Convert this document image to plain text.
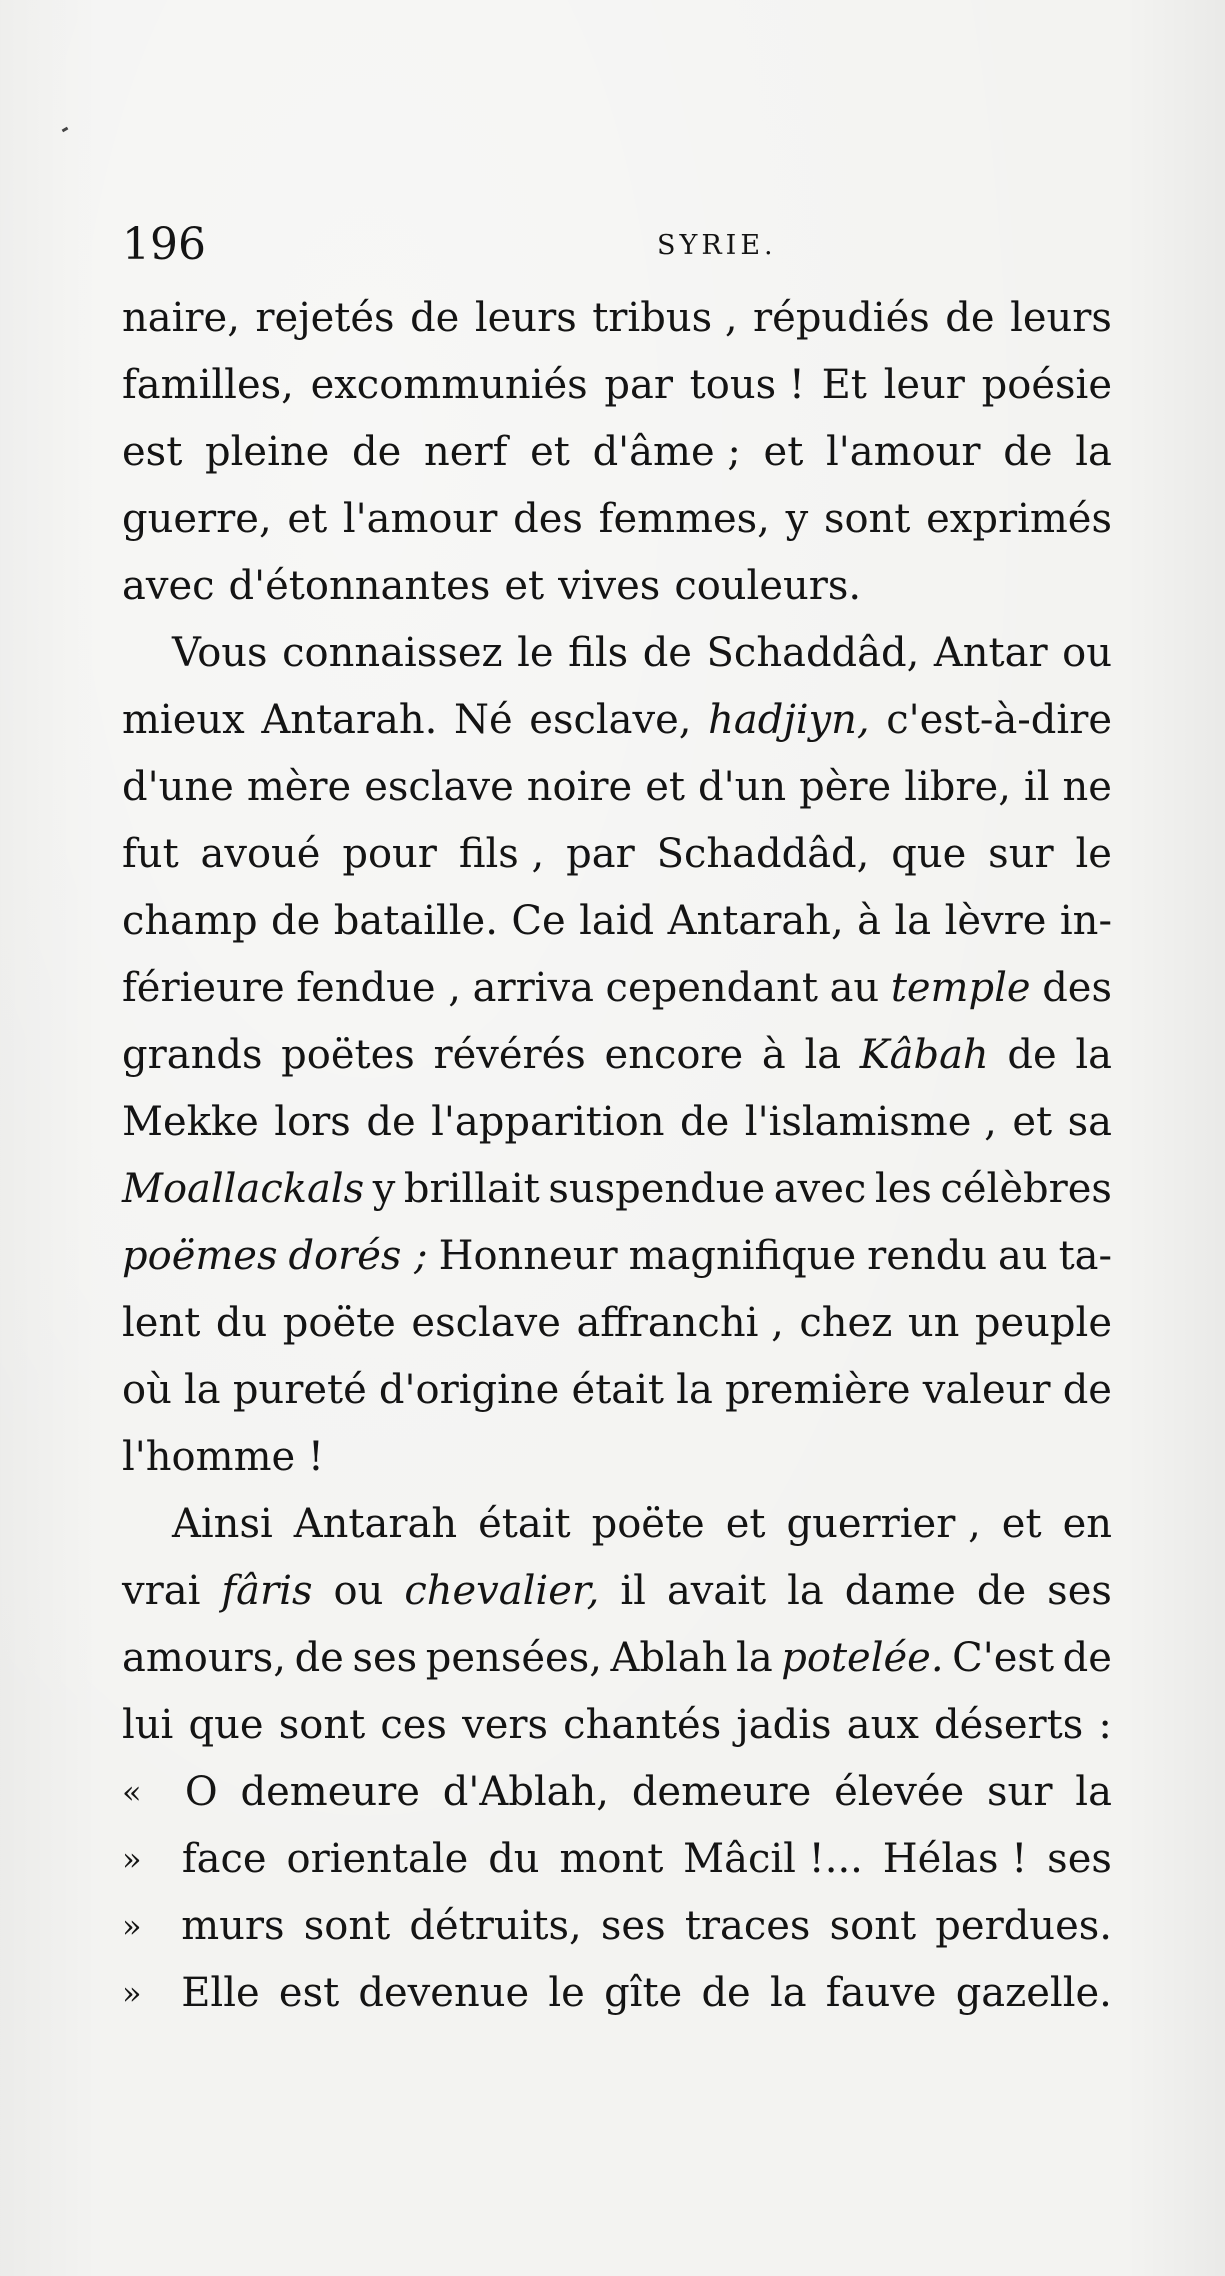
196	SYRIE.
naire, rejetés de leurs tribus , répudiés de leurs
familles, excommuniés par tous ! Et leur poésie
est pleine de nerf et d'âme ; et l'amour de la
guerre, et l'amour des femmes, y sont exprimés
avec d'étonnantes et vives couleurs.
Vous connaissez le fils de Schaddâd, Antar ou
mieux Antarah. Né esclave, hadjiyn, c'est-à-dire
d'une mère esclave noire et d'un père libre, il ne
fut avoué pour fils , par Schaddâd, que sur le
champ de bataille. Ce laid Antarah, à la lèvre in-
férieure fendue , arriva cependant au temple des
grands poëtes révérés encore à la Kâbah de la
Mekke lors de l'apparition de l'islamisme , et sa
Moallackals y brillait suspendue avec les célèbres
poëmes dorés ; Honneur magnifique rendu au ta-
lent du poëte esclave affranchi , chez un peuple
où la pureté d'origine était la première valeur de
l'homme !
Ainsi Antarah était poëte et guerrier , et en
vrai fâris ou chevalier, il avait la dame de ses
amours, de ses pensées, Ablah la potelée. C'est de
lui que sont ces vers chantés jadis aux déserts :
«	O demeure d'Ablah, demeure élevée sur la
»	face orientale du mont Mâcil !... Hélas ! ses
» murs sont détruits, ses traces sont perdues.
» Elle est devenue le gîte de la fauve gazelle.
